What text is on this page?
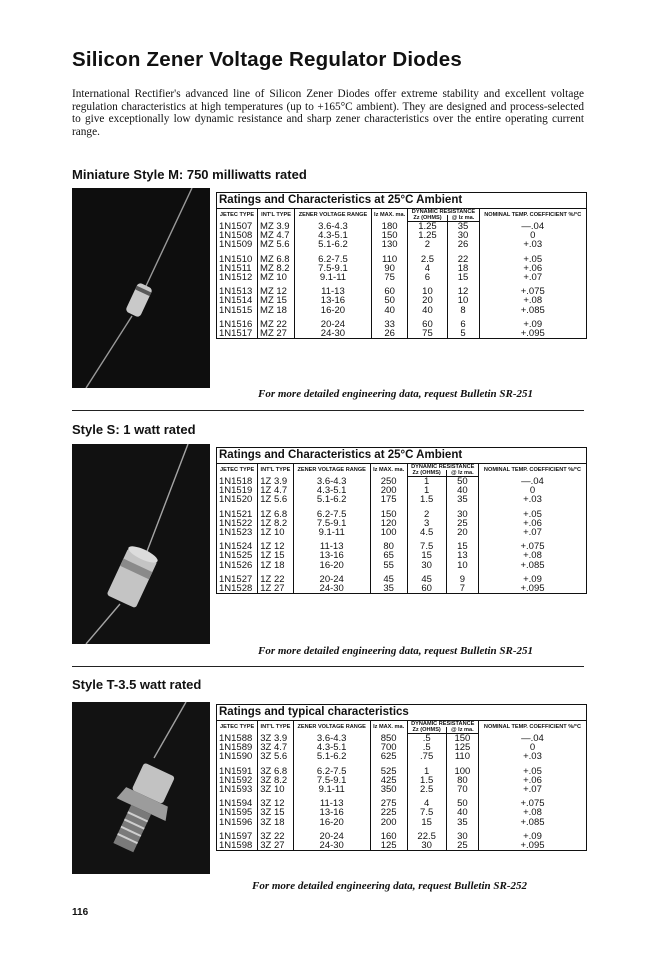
Silicon Zener Voltage Regulator Diodes
International Rectifier's advanced line of Silicon Zener Diodes offer extreme stability and excellent voltage regulation characteristics at high temperatures (up to +165°C ambient). They are designed and process-selected to give exceptionally low dynamic resistance and sharp zener characteristics over the entire operating current range.
Miniature Style M: 750 milliwatts rated
Ratings and Characteristics at 25°C Ambient
JETEC TYPE	INT'L TYPE	ZENER VOLTAGE RANGE	Iz MAX. ma.	DYNAMIC RESISTANCE		NOMINAL TEMP. COEFFICIENT %/°C
				Zz (OHMS)	@ Iz ma.	
1N1507	MZ 3.9	3.6-4.3	180	1.25	35	—.04
1N1508	MZ 4.7	4.3-5.1	150	1.25	30	0
1N1509	MZ 5.6	5.1-6.2	130	2	26	+.03
1N1510	MZ 6.8	6.2-7.5	110	2.5	22	+.05
1N1511	MZ 8.2	7.5-9.1	90	4	18	+.06
1N1512	MZ 10	9.1-11	75	6	15	+.07
1N1513	MZ 12	11-13	60	10	12	+.075
1N1514	MZ 15	13-16	50	20	10	+.08
1N1515	MZ 18	16-20	40	40	8	+.085
1N1516	MZ 22	20-24	33	60	6	+.09
1N1517	MZ 27	24-30	26	75	5	+.095
For more detailed engineering data, request Bulletin SR-251
Style S: 1 watt rated
Ratings and Characteristics at 25°C Ambient
JETEC TYPE	INT'L TYPE	ZENER VOLTAGE RANGE	Iz MAX. ma.	DYNAMIC RESISTANCE		NOMINAL TEMP. COEFFICIENT %/°C
				Zz (OHMS)	@ Iz ma.	
1N1518	1Z 3.9	3.6-4.3	250	1	50	—.04
1N1519	1Z 4.7	4.3-5.1	200	1	40	0
1N1520	1Z 5.6	5.1-6.2	175	1.5	35	+.03
1N1521	1Z 6.8	6.2-7.5	150	2	30	+.05
1N1522	1Z 8.2	7.5-9.1	120	3	25	+.06
1N1523	1Z 10	9.1-11	100	4.5	20	+.07
1N1524	1Z 12	11-13	80	7.5	15	+.075
1N1525	1Z 15	13-16	65	15	13	+.08
1N1526	1Z 18	16-20	55	30	10	+.085
1N1527	1Z 22	20-24	45	45	9	+.09
1N1528	1Z 27	24-30	35	60	7	+.095
For more detailed engineering data, request Bulletin SR-251
Style T-3.5 watt rated
Ratings and typical characteristics
JETEC TYPE	INT'L TYPE	ZENER VOLTAGE RANGE	Iz MAX. ma.	DYNAMIC RESISTANCE		NOMINAL TEMP. COEFFICIENT %/°C
				Zz (OHMS)	@ Iz ma.	
1N1588	3Z 3.9	3.6-4.3	850	.5	150	—.04
1N1589	3Z 4.7	4.3-5.1	700	.5	125	0
1N1590	3Z 5.6	5.1-6.2	625	.75	110	+.03
1N1591	3Z 6.8	6.2-7.5	525	1	100	+.05
1N1592	3Z 8.2	7.5-9.1	425	1.5	80	+.06
1N1593	3Z 10	9.1-11	350	2.5	70	+.07
1N1594	3Z 12	11-13	275	4	50	+.075
1N1595	3Z 15	13-16	225	7.5	40	+.08
1N1596	3Z 18	16-20	200	15	35	+.085
1N1597	3Z 22	20-24	160	22.5	30	+.09
1N1598	3Z 27	24-30	125	30	25	+.095
For more detailed engineering data, request Bulletin SR-252
116
